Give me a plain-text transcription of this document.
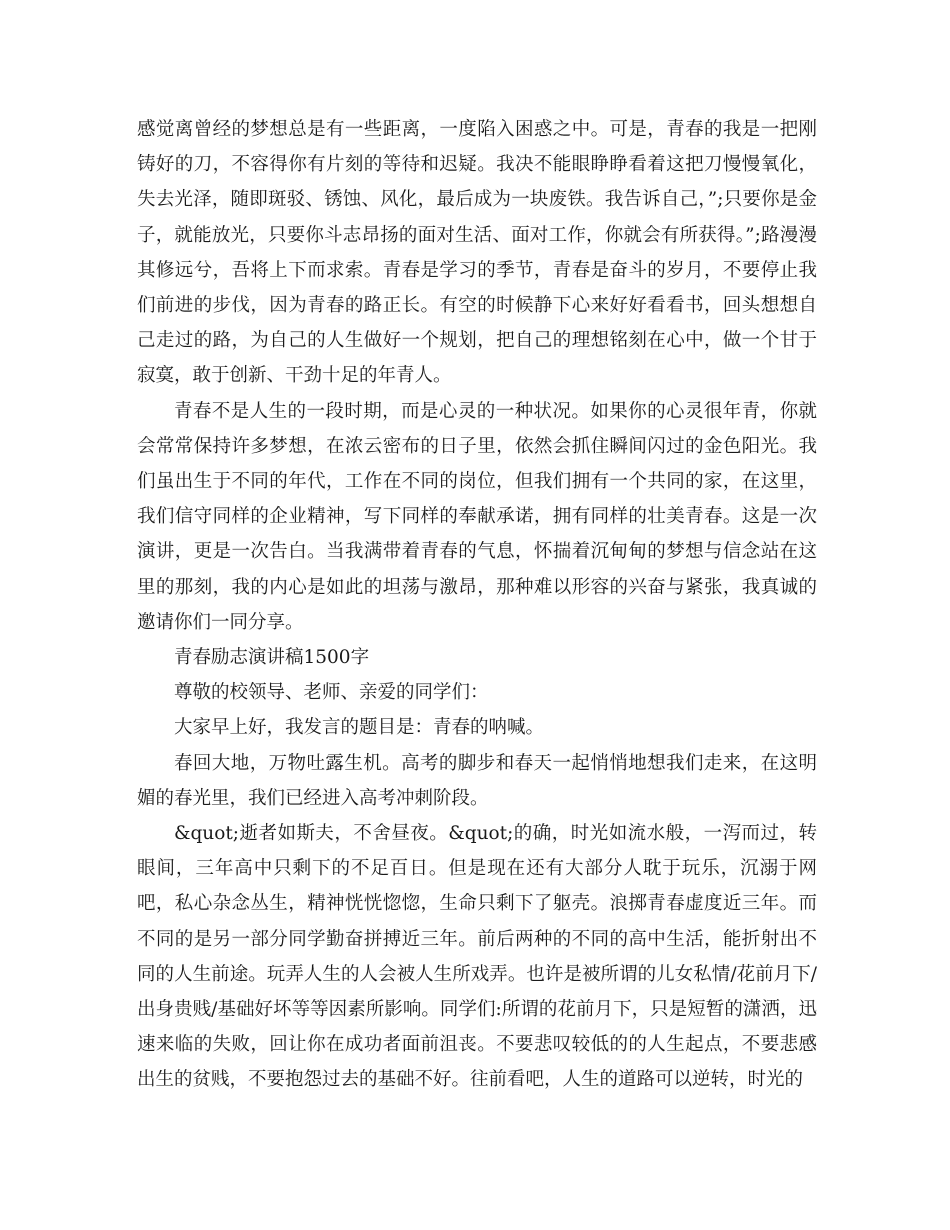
感觉离曾经的梦想总是有一些距离，一度陷入困惑之中。可是，青春的我是一把刚铸好的刀，不容得你有片刻的等待和迟疑。我决不能眼睁睁看着这把刀慢慢氧化，失去光泽，随即斑驳、锈蚀、风化，最后成为一块废铁。我告诉自己，”;只要你是金子，就能放光，只要你斗志昂扬的面对生活、面对工作，你就会有所获得。”;路漫漫其修远兮，吾将上下而求索。青春是学习的季节，青春是奋斗的岁月，不要停止我们前进的步伐，因为青春的路正长。有空的时候静下心来好好看看书，回头想想自己走过的路，为自己的人生做好一个规划，把自己的理想铭刻在心中，做一个甘于寂寞，敢于创新、干劲十足的年青人。

青春不是人生的一段时期，而是心灵的一种状况。如果你的心灵很年青，你就会常常保持许多梦想，在浓云密布的日子里，依然会抓住瞬间闪过的金色阳光。我们虽出生于不同的年代，工作在不同的岗位，但我们拥有一个共同的家，在这里，我们信守同样的企业精神，写下同样的奉献承诺，拥有同样的壮美青春。这是一次演讲，更是一次告白。当我满带着青春的气息，怀揣着沉甸甸的梦想与信念站在这里的那刻，我的内心是如此的坦荡与激昂，那种难以形容的兴奋与紧张，我真诚的邀请你们一同分享。

青春励志演讲稿1500字

尊敬的校领导、老师、亲爱的同学们：

大家早上好，我发言的题目是：青春的呐喊。

春回大地，万物吐露生机。高考的脚步和春天一起悄悄地想我们走来，在这明媚的春光里，我们已经进入高考冲刺阶段。

&quot;逝者如斯夫，不舍昼夜。&quot;的确，时光如流水般，一泻而过，转眼间，三年高中只剩下的不足百日。但是现在还有大部分人耽于玩乐，沉溺于网吧，私心杂念丛生，精神恍恍惚惚，生命只剩下了躯壳。浪掷青春虚度近三年。而不同的是另一部分同学勤奋拼搏近三年。前后两种的不同的高中生活，能折射出不同的人生前途。玩弄人生的人会被人生所戏弄。也许是被所谓的儿女私情/花前月下/出身贵贱/基础好坏等等因素所影响。同学们:所谓的花前月下，只是短暂的潇洒，迅速来临的失败，回让你在成功者面前沮丧。不要悲叹较低的的人生起点，不要悲感出生的贫贱，不要抱怨过去的基础不好。往前看吧，人生的道路可以逆转，时光的
